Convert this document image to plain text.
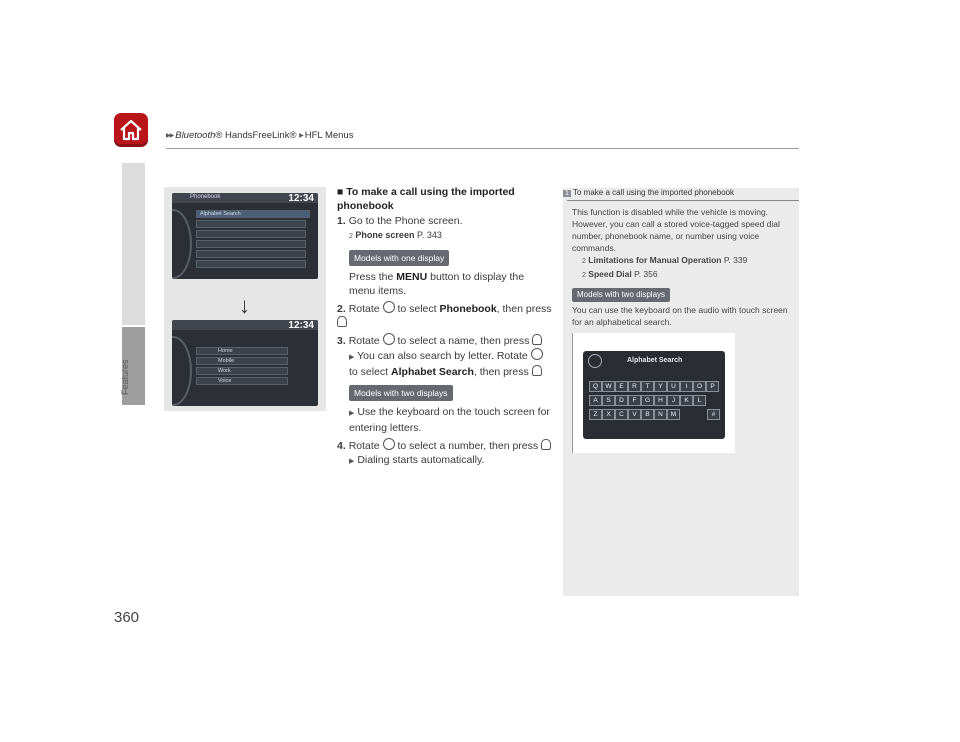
▶▶ Bluetooth® HandsFreeLink® ▶ HFL Menus
Features
360
Phonebook	12:34
Alphabet Search
12:34
Home
Mobile
Work
Voice
↓

■ To make a call using the imported phonebook

1. Go to the Phone screen.

2 Phone screen P. 343

Models with one display

Press the MENU button to display the menu items.

2. Rotate  to select Phonebook, then press

3. Rotate  to select a name, then press

▶ You can also search by letter. Rotate  to select Alphabet Search, then press

Models with two displays

▶ Use the keyboard on the touch screen for entering letters.

4. Rotate  to select a number, then press

▶ Dialing starts automatically.

1 To make a call using the imported phonebook

This function is disabled while the vehicle is moving. However, you can call a stored voice-tagged speed dial number, phonebook name, or number using voice commands.

2 Limitations for Manual Operation P. 339

2 Speed Dial P. 356

Models with two displays

You can use the keyboard on the audio with touch screen for an alphabetical search.

Alphabet Search
Q	W	E	R	T	Y	U	I	O	P
A	S	D	F	G	H	J	K	L
Z	X	C	V	B	N	M	#
